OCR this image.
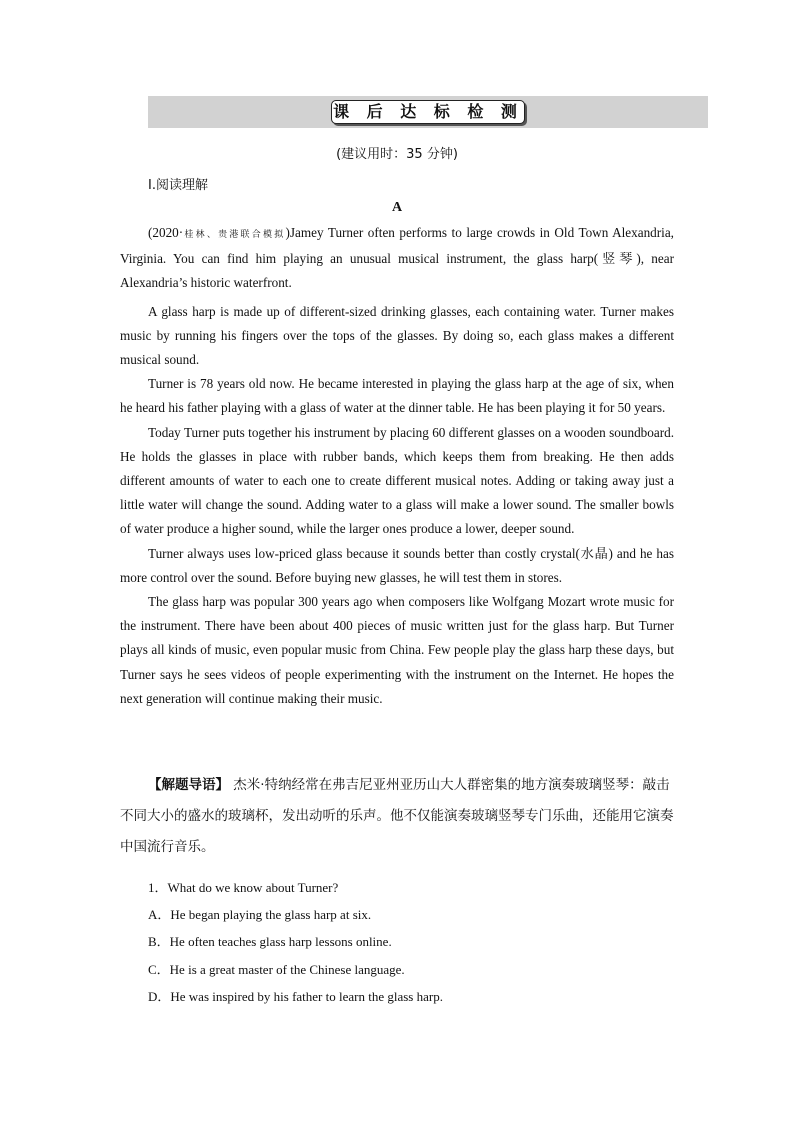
课 后 达 标 检 测
(建议用时：35 分钟)
Ⅰ.阅读理解
A

(2020·桂林、贵港联合模拟)Jamey Turner often performs to large crowds in Old Town Alexandria, Virginia. You can find him playing an unusual musical instrument, the glass harp(竖琴), near Alexandria’s historic waterfront.

A glass harp is made up of different-sized drinking glasses, each containing water. Turner makes music by running his fingers over the tops of the glasses. By doing so, each glass makes a different musical sound.

Turner is 78 years old now. He became interested in playing the glass harp at the age of six, when he heard his father playing with a glass of water at the dinner table. He has been playing it for 50 years.

Today Turner puts together his instrument by placing 60 different glasses on a wooden soundboard. He holds the glasses in place with rubber bands, which keeps them from breaking. He then adds different amounts of water to each one to create different musical notes. Adding or taking away just a little water will change the sound. Adding water to a glass will make a lower sound. The smaller bowls of water produce a higher sound, while the larger ones produce a lower, deeper sound.

Turner always uses low-priced glass because it sounds better than costly crystal(水晶) and he has more control over the sound. Before buying new glasses, he will test them in stores.

The glass harp was popular 300 years ago when composers like Wolfgang Mozart wrote music for the instrument. There have been about 400 pieces of music written just for the glass harp. But Turner plays all kinds of music, even popular music from China. Few people play the glass harp these days, but Turner says he sees videos of people experimenting with the instrument on the Internet. He hopes the next generation will continue making their music.

【解题导语】 杰米·特纳经常在弗吉尼亚州亚历山大人群密集的地方演奏玻璃竖琴：敲击不同大小的盛水的玻璃杯，发出动听的乐声。他不仅能演奏玻璃竖琴专门乐曲，还能用它演奏中国流行音乐。
1．What do we know about Turner?
A．He began playing the glass harp at six.
B．He often teaches glass harp lessons online.
C．He is a great master of the Chinese language.
D．He was inspired by his father to learn the glass harp.
